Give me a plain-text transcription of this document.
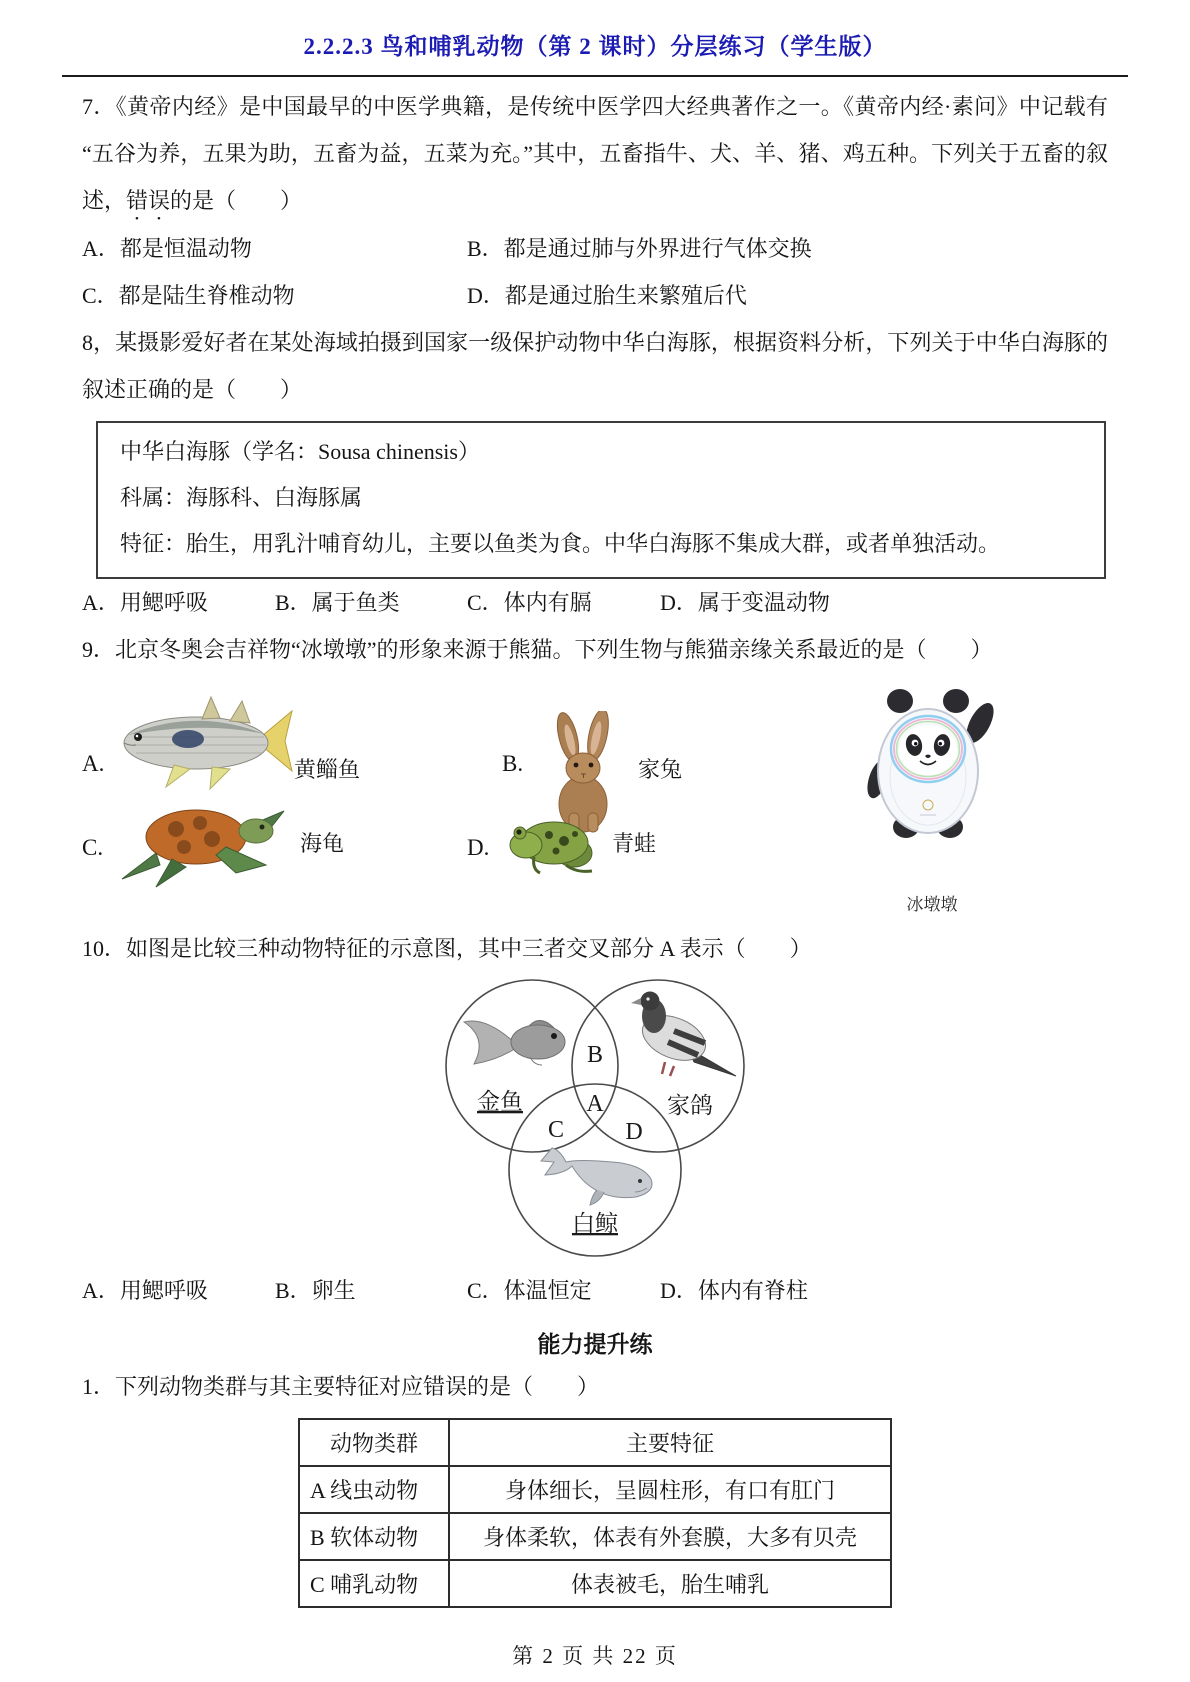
2.2.2.3 鸟和哺乳动物（第 2 课时）分层练习（学生版）

7．《黄帝内经》是中国最早的中医学典籍，是传统中医学四大经典著作之一。《黄帝内经·素问》中记载有“五谷为养，五果为助，五畜为益，五菜为充。”其中，五畜指牛、犬、羊、猪、鸡五种。下列关于五畜的叙述，错误的是（　　）

A．都是恒温动物	B．都是通过肺与外界进行气体交换
C．都是陆生脊椎动物	D．都是通过胎生来繁殖后代

8，某摄影爱好者在某处海域拍摄到国家一级保护动物中华白海豚，根据资料分析，下列关于中华白海豚的叙述正确的是（　　）

中华白海豚（学名：Sousa chinensis）

科属：海豚科、白海豚属

特征：胎生，用乳汁哺育幼儿，主要以鱼类为食。中华白海豚不集成大群，或者单独活动。

A．用鳃呼吸	B．属于鱼类	C．体内有膈	D．属于变温动物

9．北京冬奥会吉祥物“冰墩墩”的形象来源于熊猫。下列生物与熊猫亲缘关系最近的是（　　）

A.	黄鲻鱼	B.	家兔
C.	海龟	D.	青蛙
冰墩墩

10．如图是比较三种动物特征的示意图，其中三者交叉部分 A 表示（　　）

B
A
C	D
金鱼	家鸽
白鲸
A．用鳃呼吸	B．卵生	C．体温恒定	D．体内有脊柱
能力提升练

1．下列动物类群与其主要特征对应错误的是（　　）

动物类群	主要特征
A 线虫动物	身体细长，呈圆柱形，有口有肛门
B 软体动物	身体柔软，体表有外套膜，大多有贝壳
C 哺乳动物	体表被毛，胎生哺乳
第 2 页 共 22 页
